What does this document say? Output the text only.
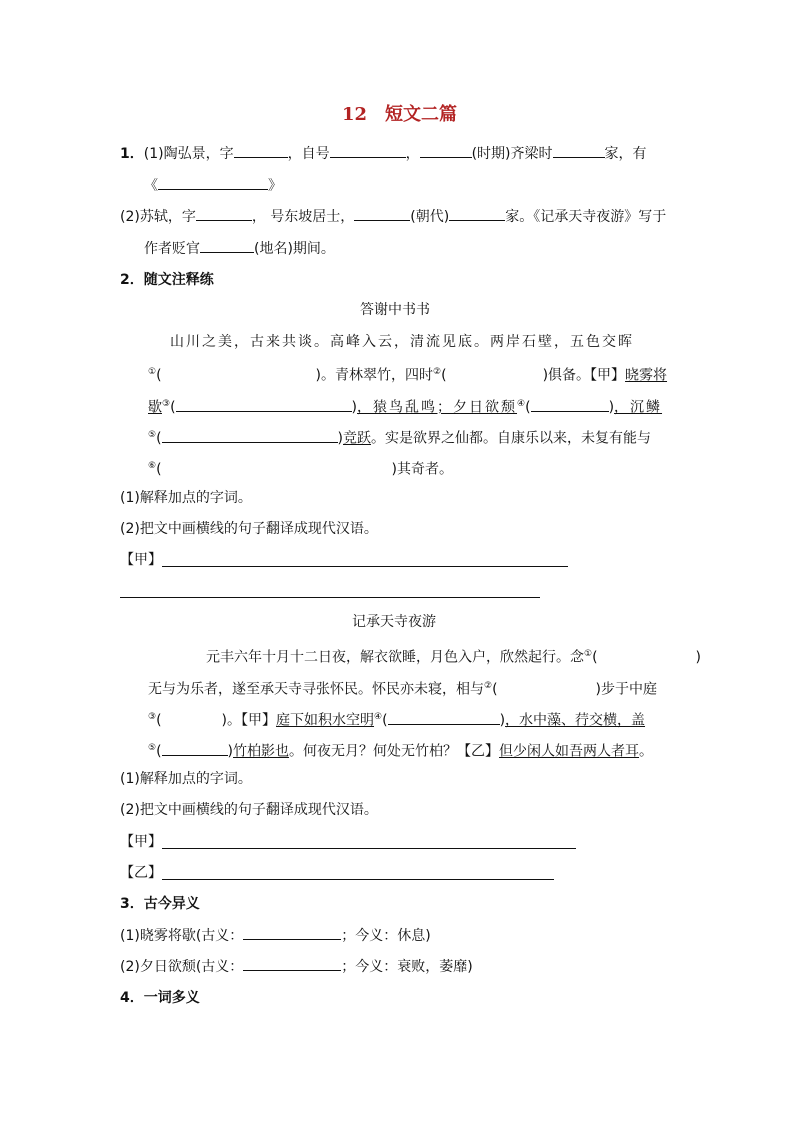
12　短文二篇
1．(1)陶弘景，字	，自号	，	(时期)齐梁时	家，有
《	》
(2)苏轼，字	， 号东坡居士，	(朝代)	家。《记承天寺夜游》写于
作者贬官	(地名)期间。
2．随文注释练
答谢中书书
山川之美，古来共谈。高峰入云，清流见底。两岸石壁，五色交晖
①(	)。青林翠竹，四时②(	)俱备。【甲】晓雾将
歇③(	)，猿鸟乱鸣；夕日欲颓④(	)，沉鳞
⑤(	)竞跃。实是欲界之仙都。自康乐以来，未复有能与
⑥(	)其奇者。
(1)解释加点的字词。
(2)把文中画横线的句子翻译成现代汉语。
【甲】
记承天寺夜游
元丰六年十月十二日夜，解衣欲睡，月色入户，欣然起行。念①(	)
无与为乐者，遂至承天寺寻张怀民。怀民亦未寝，相与②(	)步于中庭
③(	)。【甲】庭下如积水空明④(	)，水中藻、荇交横，盖
⑤(	)竹柏影也。何夜无月？何处无竹柏？【乙】但少闲人如吾两人者耳。
(1)解释加点的字词。
(2)把文中画横线的句子翻译成现代汉语。
【甲】
【乙】
3．古今异义
(1)晓雾将歇(古义：	；今义：休息)
(2)夕日欲颓(古义：	；今义：衰败，萎靡)
4．一词多义
